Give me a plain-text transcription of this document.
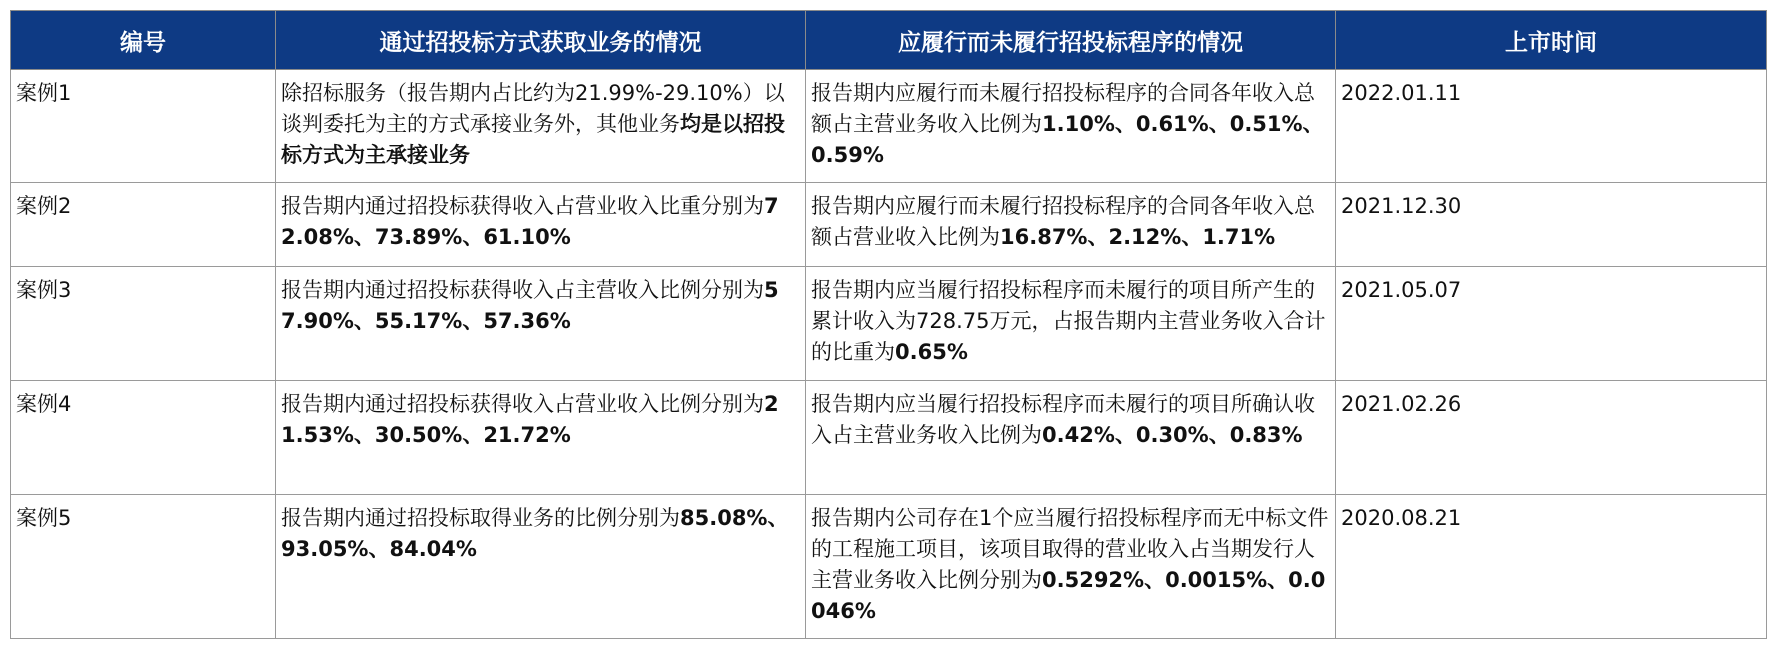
编号	通过招投标方式获取业务的情况	应履行而未履行招投标程序的情况	上市时间
案例1	除招标服务（报告期内占比约为21.99%-29.10%）以谈判委托为主的方式承接业务外，其他业务均是以招投标方式为主承接业务	报告期内应履行而未履行招投标程序的合同各年收入总额占主营业务收入比例为1.10%、0.61%、0.51%、0.59%	2022.01.11
案例2	报告期内通过招投标获得收入占营业收入比重分别为72.08%、73.89%、61.10%	报告期内应履行而未履行招投标程序的合同各年收入总额占营业收入比例为16.87%、2.12%、1.71%	2021.12.30
案例3	报告期内通过招投标获得收入占主营收入比例分别为57.90%、55.17%、57.36%	报告期内应当履行招投标程序而未履行的项目所产生的累计收入为728.75万元，占报告期内主营业务收入合计的比重为0.65%	2021.05.07
案例4	报告期内通过招投标获得收入占营业收入比例分别为21.53%、30.50%、21.72%	报告期内应当履行招投标程序而未履行的项目所确认收入占主营业务收入比例为0.42%、0.30%、0.83%	2021.02.26
案例5	报告期内通过招投标取得业务的比例分别为85.08%、93.05%、84.04%	报告期内公司存在1个应当履行招投标程序而无中标文件的工程施工项目，该项目取得的营业收入占当期发行人主营业务收入比例分别为0.5292%、0.0015%、0.0046%	2020.08.21
